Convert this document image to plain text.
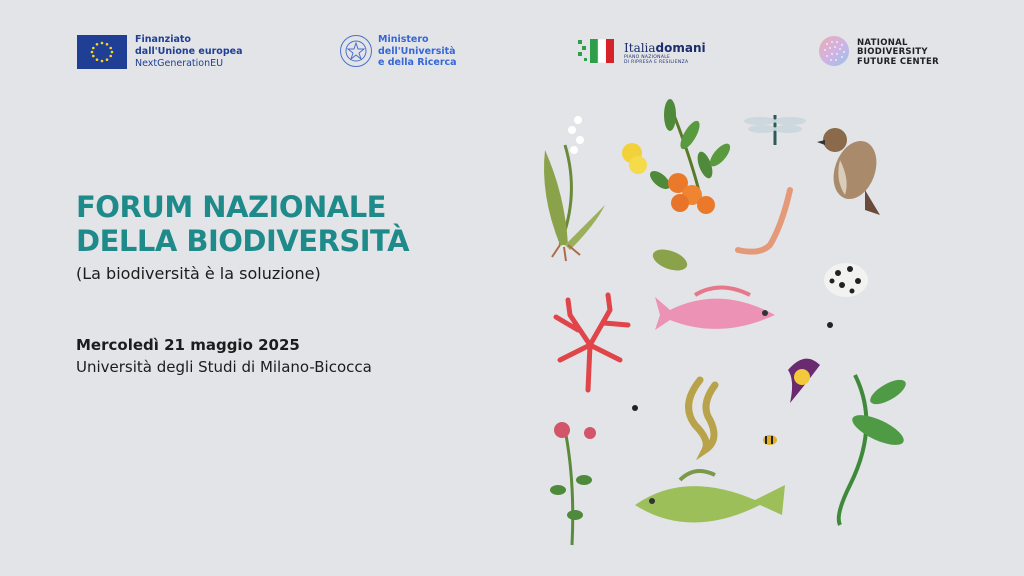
Finanziato
dall'Unione europea
NextGenerationEU
Ministero
dell'Università
e della Ricerca
Italiadomani
PIANO NAZIONALE
DI RIPRESA E RESILIENZA
NATIONAL
BIODIVERSITY
FUTURE CENTER
FORUM NAZIONALE
DELLA BIODIVERSITÀ

(La biodiversità è la soluzione)

Mercoledì 21 maggio 2025

Università degli Studi di Milano-Bicocca
